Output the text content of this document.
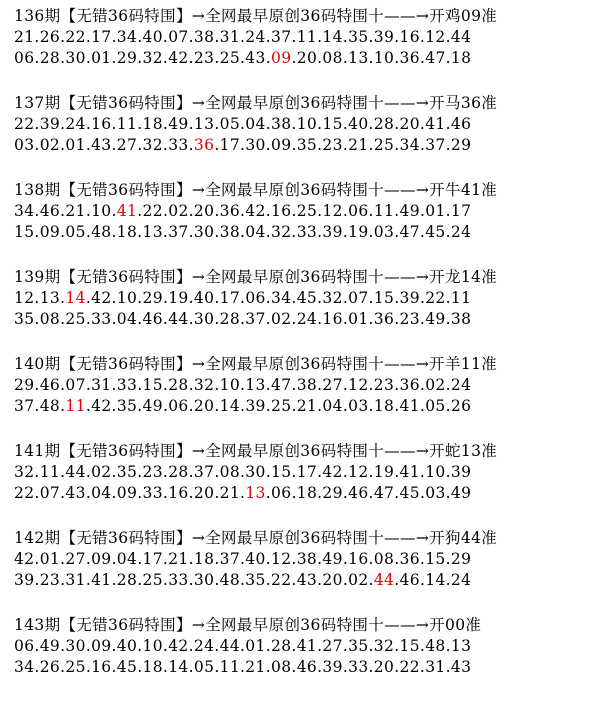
136期【无错36码特围】→全网最早原创36码特围十——→开鸡09准
21.26.22.17.34.40.07.38.31.24.37.11.14.35.39.16.12.44
06.28.30.01.29.32.42.23.25.43.09.20.08.13.10.36.47.18
137期【无错36码特围】→全网最早原创36码特围十——→开马36准
22.39.24.16.11.18.49.13.05.04.38.10.15.40.28.20.41.46
03.02.01.43.27.32.33.36.17.30.09.35.23.21.25.34.37.29
138期【无错36码特围】→全网最早原创36码特围十——→开牛41准
34.46.21.10.41.22.02.20.36.42.16.25.12.06.11.49.01.17
15.09.05.48.18.13.37.30.38.04.32.33.39.19.03.47.45.24
139期【无错36码特围】→全网最早原创36码特围十——→开龙14准
12.13.14.42.10.29.19.40.17.06.34.45.32.07.15.39.22.11
35.08.25.33.04.46.44.30.28.37.02.24.16.01.36.23.49.38
140期【无错36码特围】→全网最早原创36码特围十——→开羊11准
29.46.07.31.33.15.28.32.10.13.47.38.27.12.23.36.02.24
37.48.11.42.35.49.06.20.14.39.25.21.04.03.18.41.05.26
141期【无错36码特围】→全网最早原创36码特围十——→开蛇13准
32.11.44.02.35.23.28.37.08.30.15.17.42.12.19.41.10.39
22.07.43.04.09.33.16.20.21.13.06.18.29.46.47.45.03.49
142期【无错36码特围】→全网最早原创36码特围十——→开狗44准
42.01.27.09.04.17.21.18.37.40.12.38.49.16.08.36.15.29
39.23.31.41.28.25.33.30.48.35.22.43.20.02.44.46.14.24
143期【无错36码特围】→全网最早原创36码特围十——→开00准
06.49.30.09.40.10.42.24.44.01.28.41.27.35.32.15.48.13
34.26.25.16.45.18.14.05.11.21.08.46.39.33.20.22.31.43
